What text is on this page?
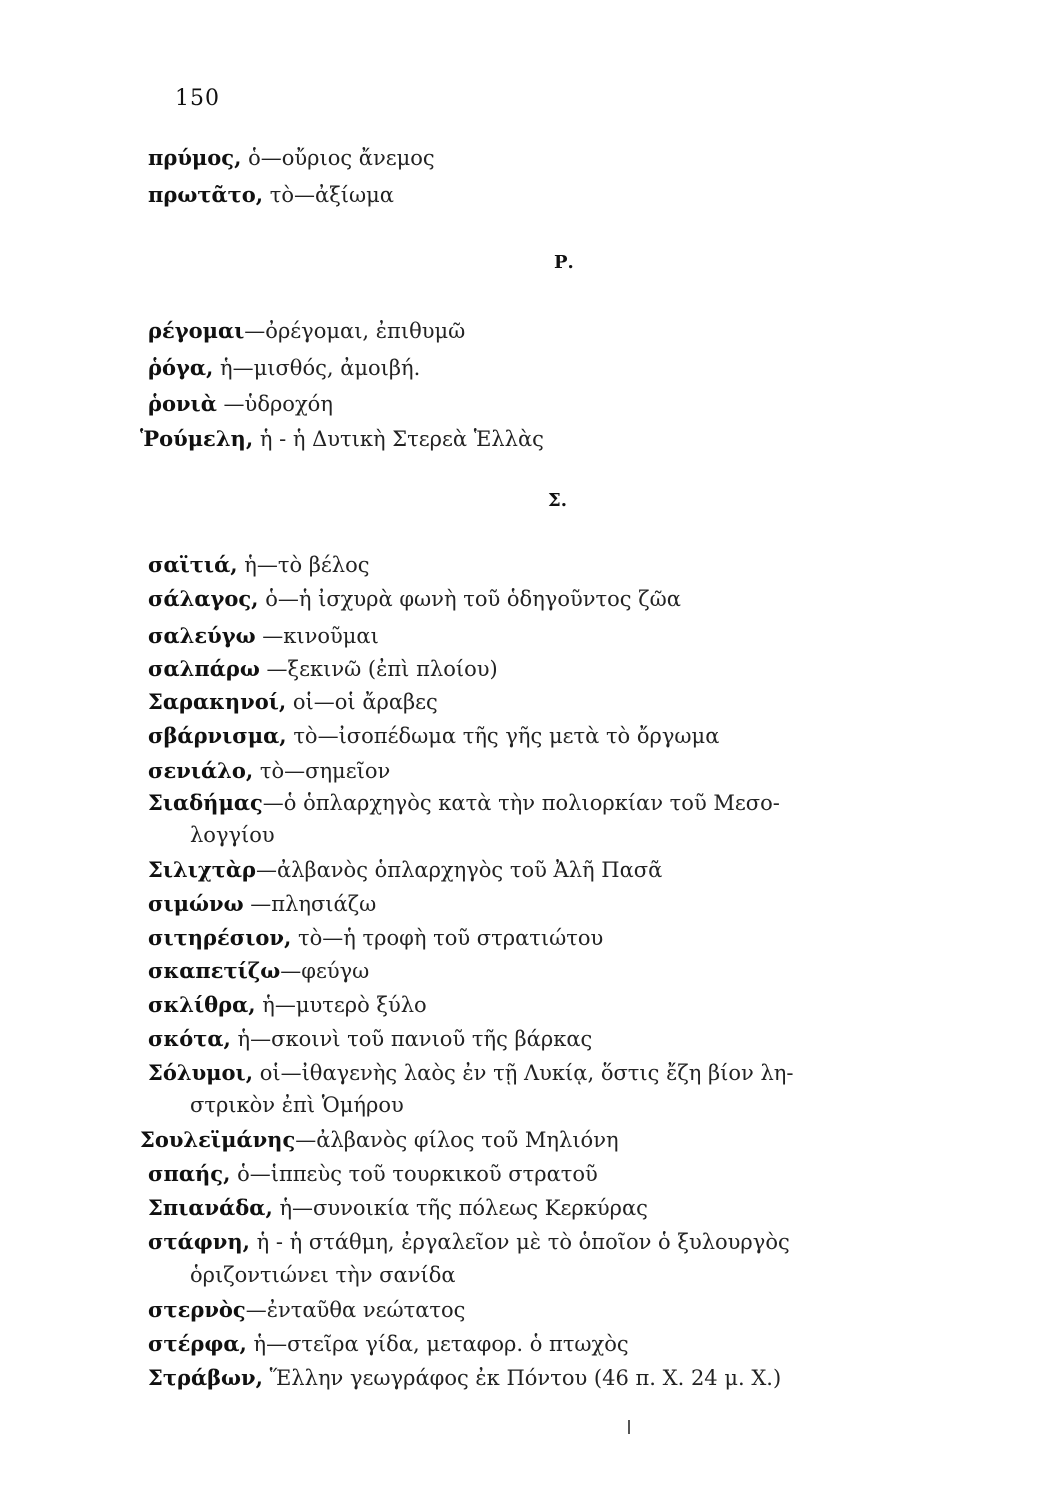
150
πρύμος, ὁ—οὔριος ἄνεμος
πρωτᾶτο, τὸ—ἀξίωμα
Ρ.
ρέγομαι—ὀρέγομαι, ἐπιθυμῶ
ῥόγα, ἡ—μισθός, ἀμοιβή.
ῥονιὰ —ὑδροχόη
Ῥούμελη, ἡ - ἡ Δυτικὴ Στερεὰ Ἑλλὰς
Σ.
σαϊτιά, ἡ—τὸ βέλος
σάλαγος, ὁ—ἡ ἰσχυρὰ φωνὴ τοῦ ὁδηγοῦντος ζῶα
σαλεύγω —κινοῦμαι
σαλπάρω —ξεκινῶ (ἐπὶ πλοίου)
Σαρακηνοί, οἱ—οἱ ἄραβες
σβάρνισμα, τὸ—ἰσοπέδωμα τῆς γῆς μετὰ τὸ ὄργωμα
σενιάλο, τὸ—σημεῖον
Σιαδήμας—ὁ ὁπλαρχηγὸς κατὰ τὴν πολιορκίαν τοῦ Μεσο-
λογγίου
Σιλιχτὰρ—ἀλβανὸς ὁπλαρχηγὸς τοῦ Ἀλῆ Πασᾶ
σιμώνω —πλησιάζω
σιτηρέσιον, τὸ—ἡ τροφὴ τοῦ στρατιώτου
σκαπετίζω—φεύγω
σκλίθρα, ἡ—μυτερὸ ξύλο
σκότα, ἡ—σκοινὶ τοῦ πανιοῦ τῆς βάρκας
Σόλυμοι, οἱ—ἰθαγενὴς λαὸς ἐν τῇ Λυκίᾳ, ὅστις ἔζη βίον λη-
στρικὸν ἐπὶ Ὁμήρου
Σουλεϊμάνης—ἀλβανὸς φίλος τοῦ Μηλιόνη
σπαής, ὁ—ἱππεὺς τοῦ τουρκικοῦ στρατοῦ
Σπιανάδα, ἡ—συνοικία τῆς πόλεως Κερκύρας
στάφνη, ἡ - ἡ στάθμη, ἐργαλεῖον μὲ τὸ ὁποῖον ὁ ξυλουργὸς
ὁριζοντιώνει τὴν σανίδα
στερνὸς—ἐνταῦθα νεώτατος
στέρφα, ἡ—στεῖρα γίδα, μεταφορ. ὁ πτωχὸς
Στράβων, Ἕλλην γεωγράφος ἐκ Πόντου (46 π. Χ. 24 μ. Χ.)
